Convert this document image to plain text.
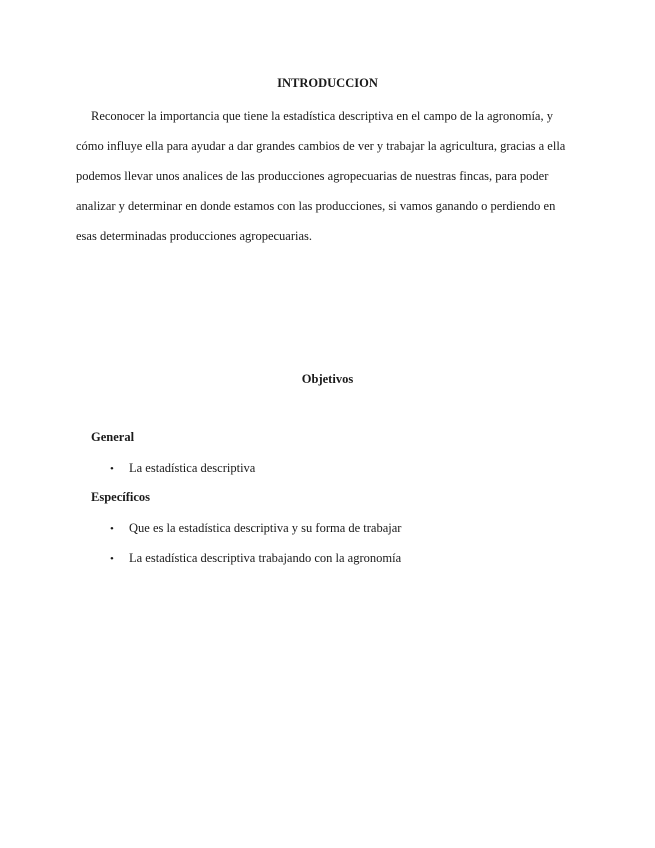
INTRODUCCION

Reconocer la importancia que tiene la estadística descriptiva en el campo de la agronomía, y
cómo influye ella para ayudar a dar grandes cambios de ver y trabajar la agricultura, gracias a ella
podemos llevar unos analices de las producciones agropecuarias de nuestras fincas, para poder
analizar y determinar en donde estamos con las producciones, si vamos ganando o perdiendo en
esas determinadas producciones agropecuarias.

Objetivos
General
•	La estadística descriptiva
Específicos
•	Que es la estadística descriptiva y su forma de trabajar
•	La estadística descriptiva trabajando con la agronomía
